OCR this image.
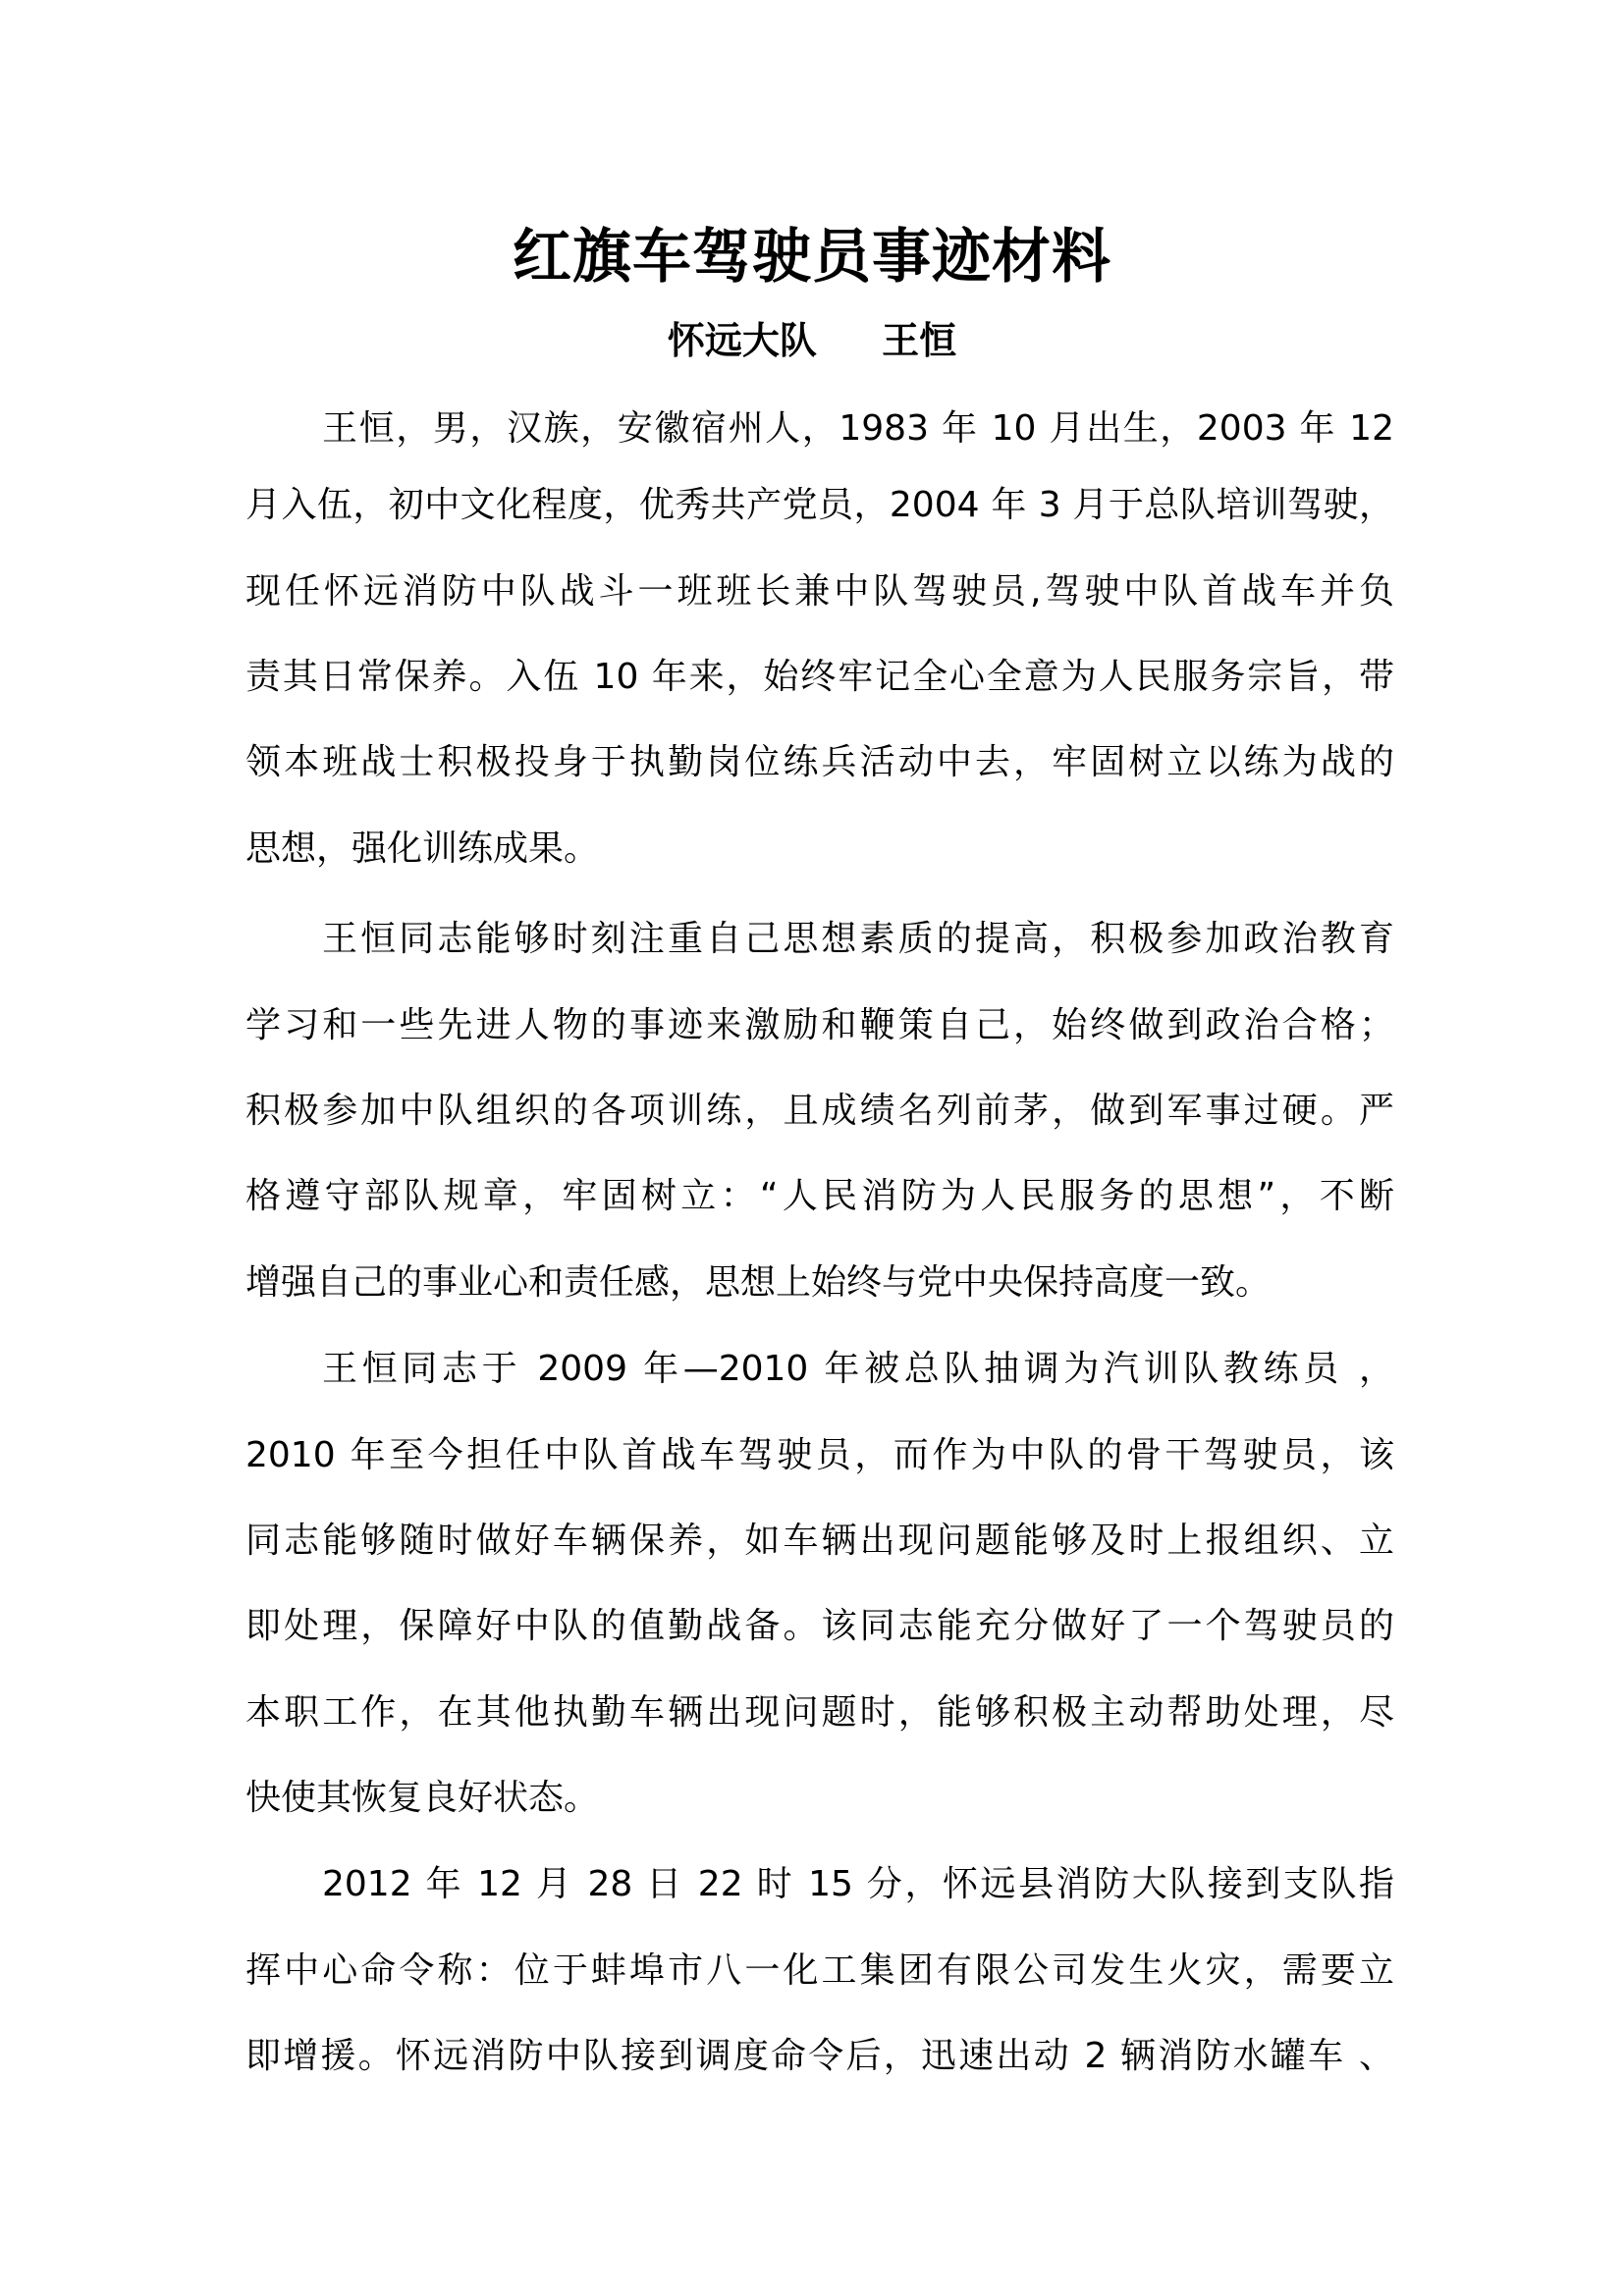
红旗车驾驶员事迹材料
怀远大队     王恒
王恒，男，汉族，安徽宿州人，1983 年 10 月出生，2003 年 12
月入伍，初中文化程度，优秀共产党员，2004 年 3 月于总队培训驾驶，
现任怀远消防中队战斗一班班长兼中队驾驶员,驾驶中队首战车并负
责其日常保养。入伍 10 年来，始终牢记全心全意为人民服务宗旨，带
领本班战士积极投身于执勤岗位练兵活动中去，牢固树立以练为战的
思想，强化训练成果。
王恒同志能够时刻注重自己思想素质的提高，积极参加政治教育
学习和一些先进人物的事迹来激励和鞭策自己，始终做到政治合格；
积极参加中队组织的各项训练，且成绩名列前茅，做到军事过硬。严
格遵守部队规章，牢固树立：“人民消防为人民服务的思想”，不断
增强自己的事业心和责任感，思想上始终与党中央保持高度一致。
王恒同志于 2009 年—2010 年被总队抽调为汽训队教练员 ，
2010 年至今担任中队首战车驾驶员，而作为中队的骨干驾驶员，该
同志能够随时做好车辆保养，如车辆出现问题能够及时上报组织、立
即处理，保障好中队的值勤战备。该同志能充分做好了一个驾驶员的
本职工作，在其他执勤车辆出现问题时，能够积极主动帮助处理，尽
快使其恢复良好状态。
2012 年 12 月 28 日 22 时 15 分，怀远县消防大队接到支队指
挥中心命令称：位于蚌埠市八一化工集团有限公司发生火灾，需要立
即增援。怀远消防中队接到调度命令后，迅速出动 2 辆消防水罐车 、
